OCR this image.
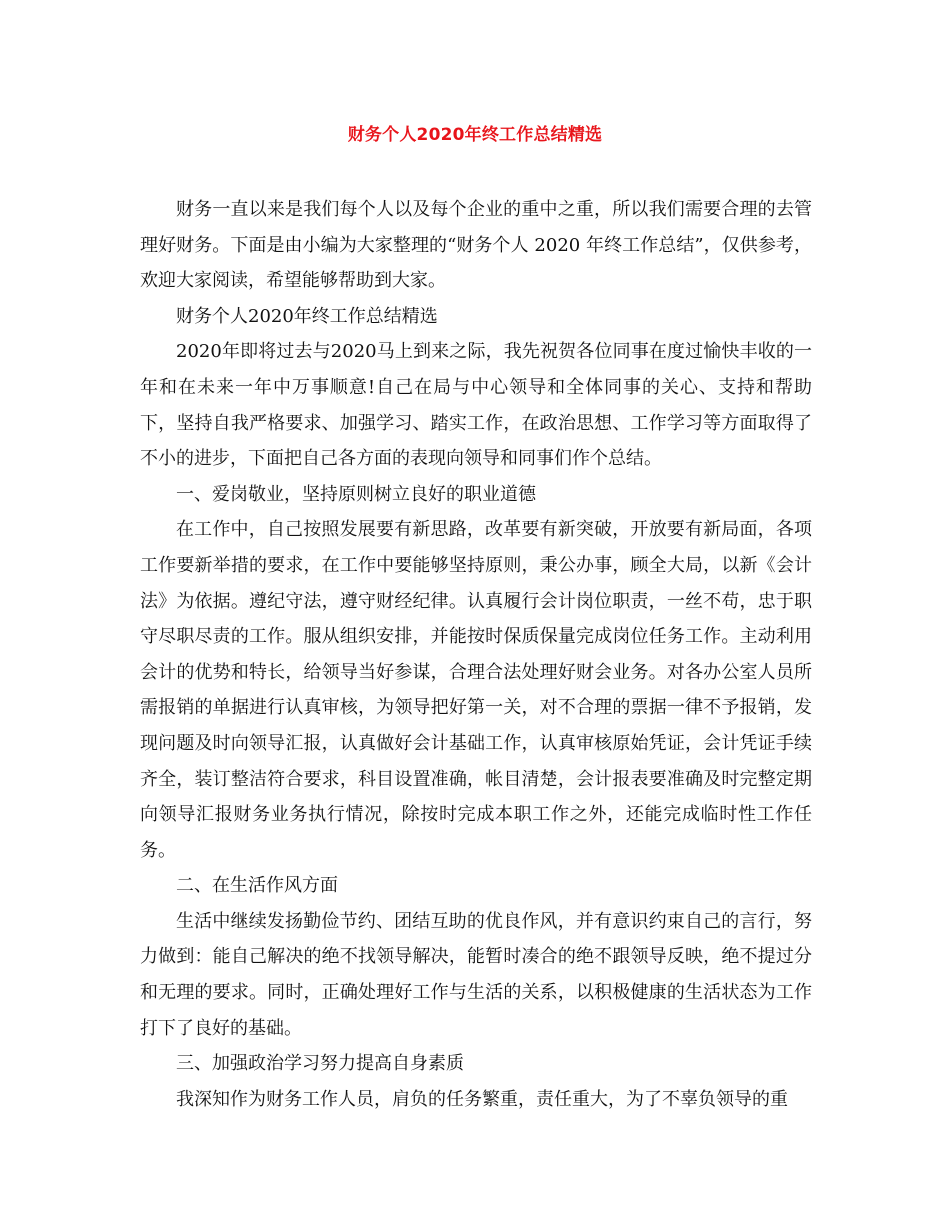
财务个人2020年终工作总结精选

财务一直以来是我们每个人以及每个企业的重中之重，所以我们需要合理的去管理好财务。下面是由小编为大家整理的“财务个人 2020 年终工作总结”，仅供参考，欢迎大家阅读，希望能够帮助到大家。

财务个人2020年终工作总结精选

2020年即将过去与2020马上到来之际，我先祝贺各位同事在度过愉快丰收的一年和在未来一年中万事顺意!自己在局与中心领导和全体同事的关心、支持和帮助下，坚持自我严格要求、加强学习、踏实工作，在政治思想、工作学习等方面取得了不小的进步，下面把自己各方面的表现向领导和同事们作个总结。

一、爱岗敬业，坚持原则树立良好的职业道德

在工作中，自己按照发展要有新思路，改革要有新突破，开放要有新局面，各项工作要新举措的要求，在工作中要能够坚持原则，秉公办事，顾全大局，以新《会计法》为依据。遵纪守法，遵守财经纪律。认真履行会计岗位职责，一丝不苟，忠于职守尽职尽责的工作。服从组织安排，并能按时保质保量完成岗位任务工作。主动利用会计的优势和特长，给领导当好参谋，合理合法处理好财会业务。对各办公室人员所需报销的单据进行认真审核，为领导把好第一关，对不合理的票据一律不予报销，发现问题及时向领导汇报，认真做好会计基础工作，认真审核原始凭证，会计凭证手续齐全，装订整洁符合要求，科目设置准确，帐目清楚，会计报表要准确及时完整定期向领导汇报财务业务执行情况，除按时完成本职工作之外，还能完成临时性工作任务。

二、在生活作风方面

生活中继续发扬勤俭节约、团结互助的优良作风，并有意识约束自己的言行，努力做到：能自己解决的绝不找领导解决，能暂时凑合的绝不跟领导反映，绝不提过分和无理的要求。同时，正确处理好工作与生活的关系，以积极健康的生活状态为工作打下了良好的基础。

三、加强政治学习努力提高自身素质

我深知作为财务工作人员，肩负的任务繁重，责任重大，为了不辜负领导的重
